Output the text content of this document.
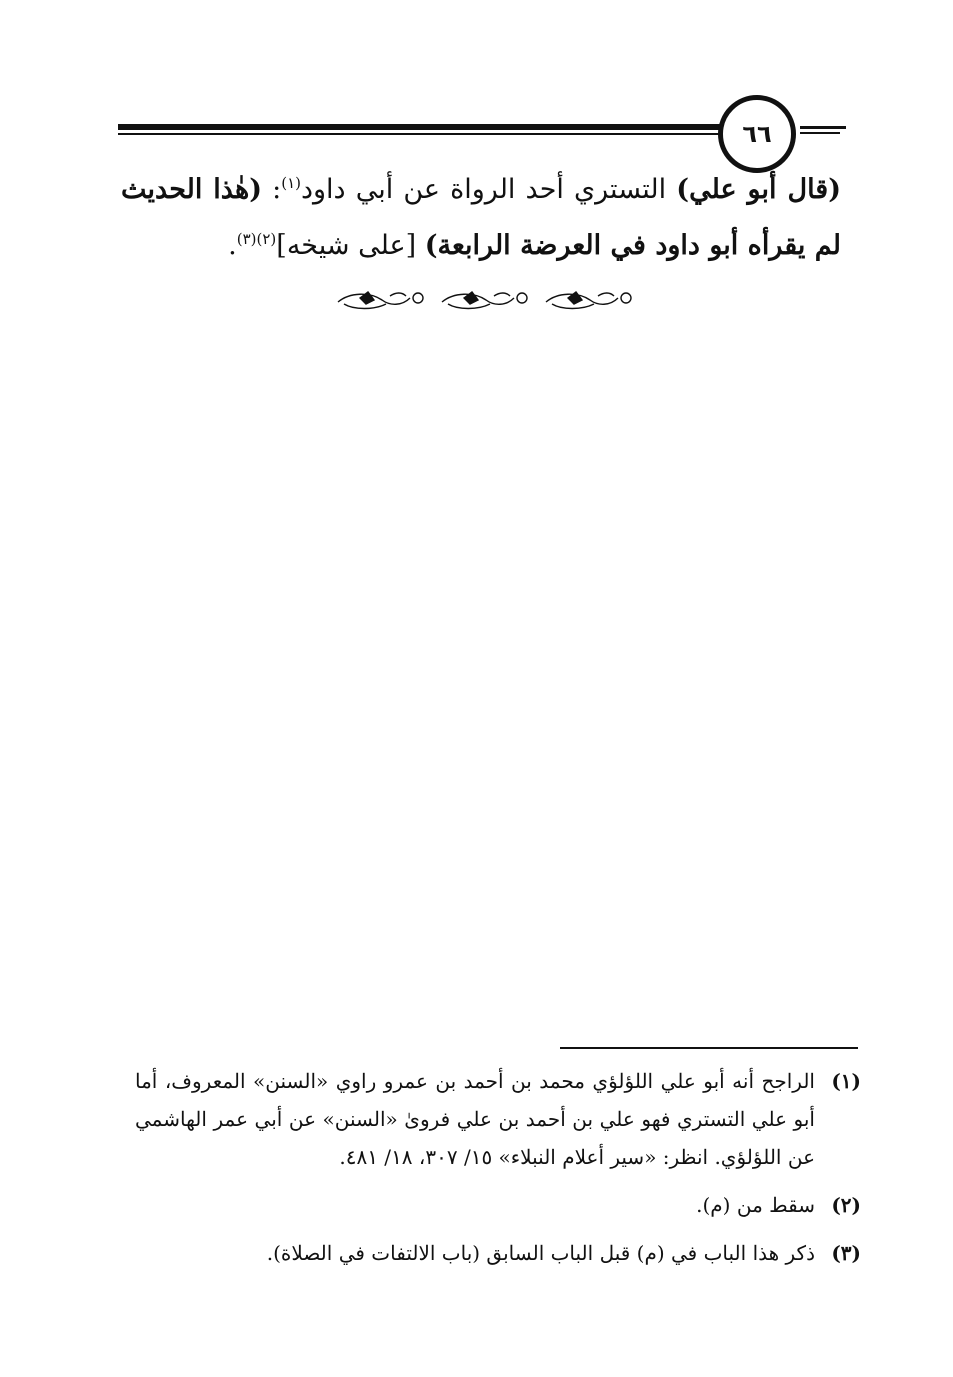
٦٦
(قال أبو علي) التستري أحد الرواة عن أبي داود$^{(١)}$: (هٰذا الحديث لم يقرأه أبو داود في العرضة الرابعة) [على شيخه]$^{(٢)(٣)}$.
(١)
الراجح أنه أبو علي اللؤلؤي محمد بن أحمد بن عمرو راوي «السنن» المعروف، أما أبو علي التستري فهو علي بن أحمد بن علي فرویٰ «السنن» عن أبي عمر الهاشمي عن اللؤلؤي. انظر: «سير أعلام النبلاء» ١٥/ ٣٠٧، ١٨/ ٤٨١.
(٢)
سقط من (م).
(٣)
ذكر هذا الباب في (م) قبل الباب السابق (باب الالتفات في الصلاة).
